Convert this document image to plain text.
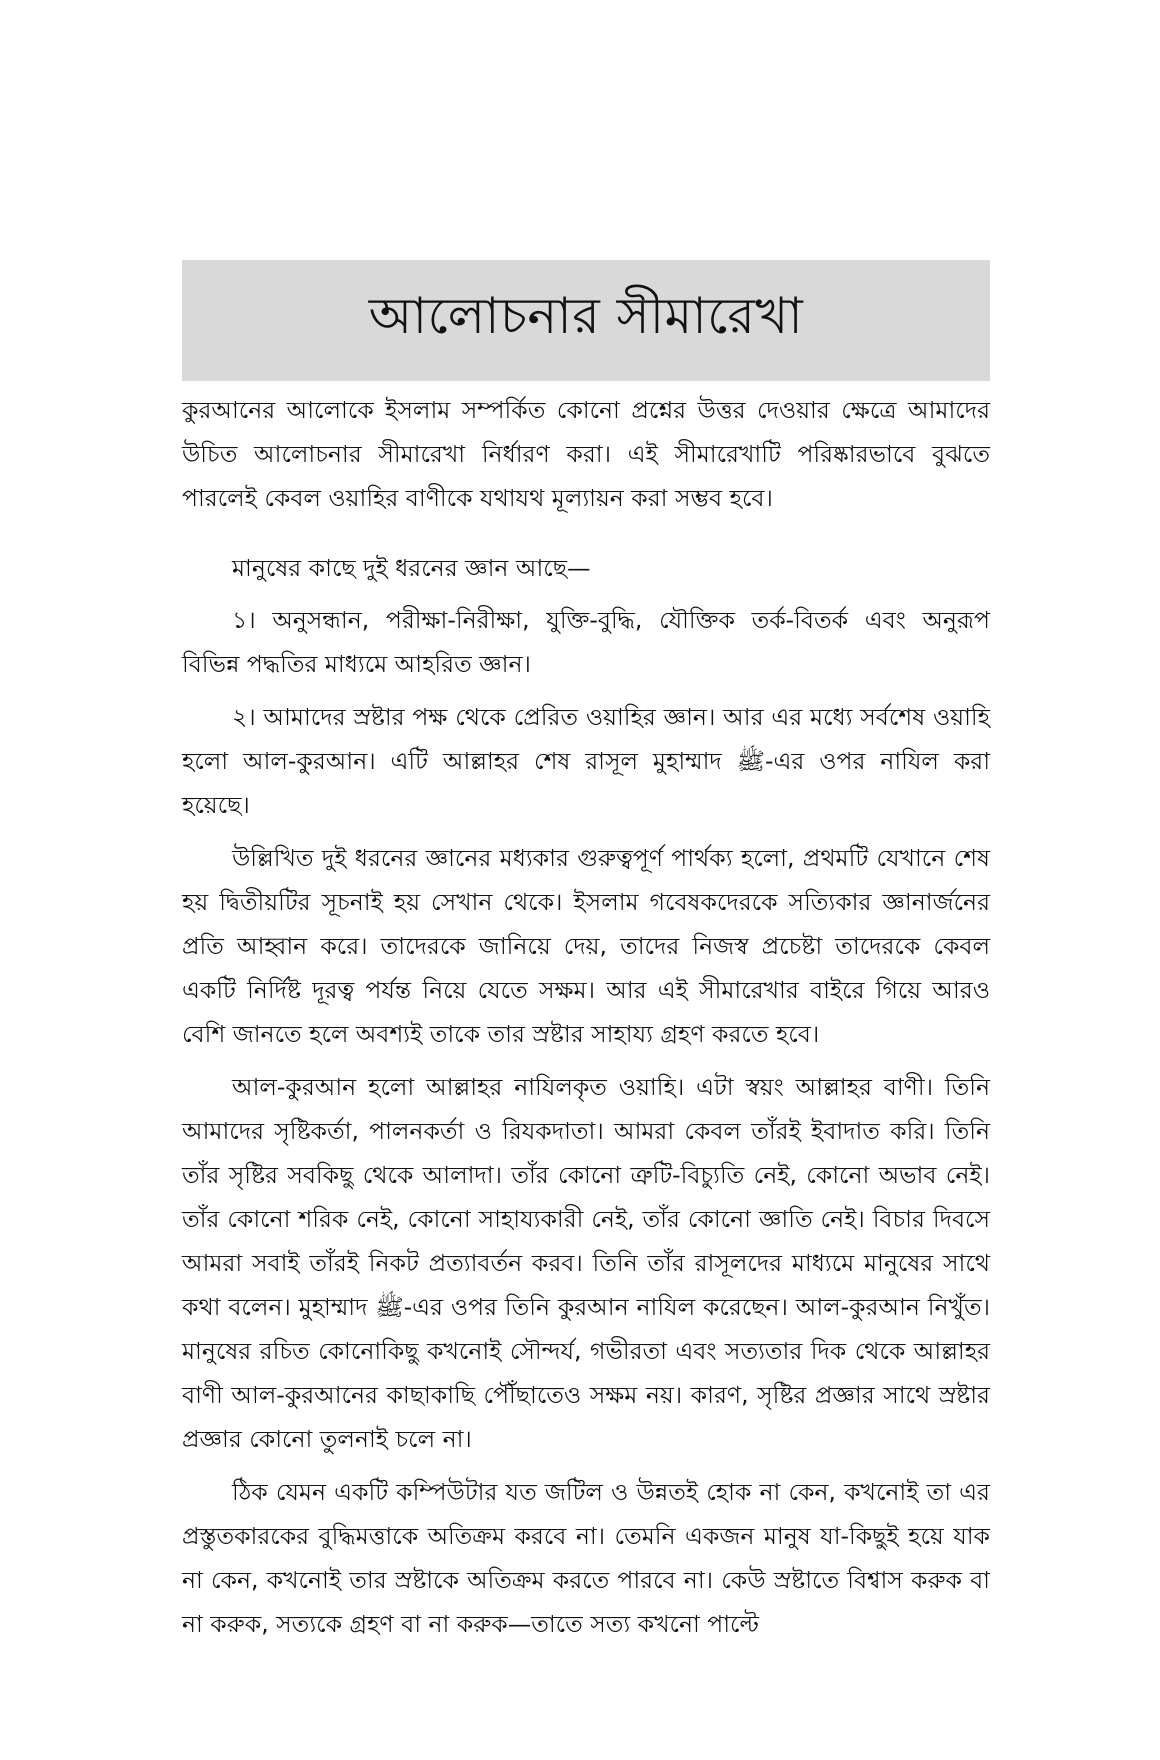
আলোচনার সীমারেখা

কুরআনের আলোকে ইসলাম সম্পর্কিত কোনো প্রশ্নের উত্তর দেওয়ার ক্ষেত্রে আমাদের উচিত আলোচনার সীমারেখা নির্ধারণ করা। এই সীমারেখাটি পরিষ্কারভাবে বুঝতে পারলেই কেবল ওয়াহির বাণীকে যথাযথ মূল্যায়ন করা সম্ভব হবে।

মানুষের কাছে দুই ধরনের জ্ঞান আছে—

১। অনুসন্ধান, পরীক্ষা-নিরীক্ষা, যুক্তি-বুদ্ধি, যৌক্তিক তর্ক-বিতর্ক এবং অনুরূপ বিভিন্ন পদ্ধতির মাধ্যমে আহরিত জ্ঞান।

২। আমাদের স্রষ্টার পক্ষ থেকে প্রেরিত ওয়াহির জ্ঞান। আর এর মধ্যে সর্বশেষ ওয়াহি হলো আল-কুরআন। এটি আল্লাহর শেষ রাসূল মুহাম্মাদ ﷺ-এর ওপর নাযিল করা হয়েছে।

উল্লিখিত দুই ধরনের জ্ঞানের মধ্যকার গুরুত্বপূর্ণ পার্থক্য হলো, প্রথমটি যেখানে শেষ হয় দ্বিতীয়টির সূচনাই হয় সেখান থেকে। ইসলাম গবেষকদেরকে সত্যিকার জ্ঞানার্জনের প্রতি আহ্বান করে। তাদেরকে জানিয়ে দেয়, তাদের নিজস্ব প্রচেষ্টা তাদেরকে কেবল একটি নির্দিষ্ট দূরত্ব পর্যন্ত নিয়ে যেতে সক্ষম। আর এই সীমারেখার বাইরে গিয়ে আরও বেশি জানতে হলে অবশ্যই তাকে তার স্রষ্টার সাহায্য গ্রহণ করতে হবে।

আল-কুরআন হলো আল্লাহর নাযিলকৃত ওয়াহি। এটা স্বয়ং আল্লাহর বাণী। তিনি আমাদের সৃষ্টিকর্তা, পালনকর্তা ও রিযকদাতা। আমরা কেবল তাঁরই ইবাদাত করি। তিনি তাঁর সৃষ্টির সবকিছু থেকে আলাদা। তাঁর কোনো ত্রুটি-বিচ্যুতি নেই, কোনো অভাব নেই। তাঁর কোনো শরিক নেই, কোনো সাহায্যকারী নেই, তাঁর কোনো জ্ঞাতি নেই। বিচার দিবসে আমরা সবাই তাঁরই নিকট প্রত্যাবর্তন করব। তিনি তাঁর রাসূলদের মাধ্যমে মানুষের সাথে কথা বলেন। মুহাম্মাদ ﷺ-এর ওপর তিনি কুরআন নাযিল করেছেন। আল-কুরআন নিখুঁত। মানুষের রচিত কোনোকিছু কখনোই সৌন্দর্য, গভীরতা এবং সত্যতার দিক থেকে আল্লাহর বাণী আল-কুরআনের কাছাকাছি পৌঁছাতেও সক্ষম নয়। কারণ, সৃষ্টির প্রজ্ঞার সাথে স্রষ্টার প্রজ্ঞার কোনো তুলনাই চলে না।

ঠিক যেমন একটি কম্পিউটার যত জটিল ও উন্নতই হোক না কেন, কখনোই তা এর প্রস্তুতকারকের বুদ্ধিমত্তাকে অতিক্রম করবে না। তেমনি একজন মানুষ যা-কিছুই হয়ে যাক না কেন, কখনোই তার স্রষ্টাকে অতিক্রম করতে পারবে না। কেউ স্রষ্টাতে বিশ্বাস করুক বা না করুক, সত্যকে গ্রহণ বা না করুক—তাতে সত্য কখনো পাল্টে
